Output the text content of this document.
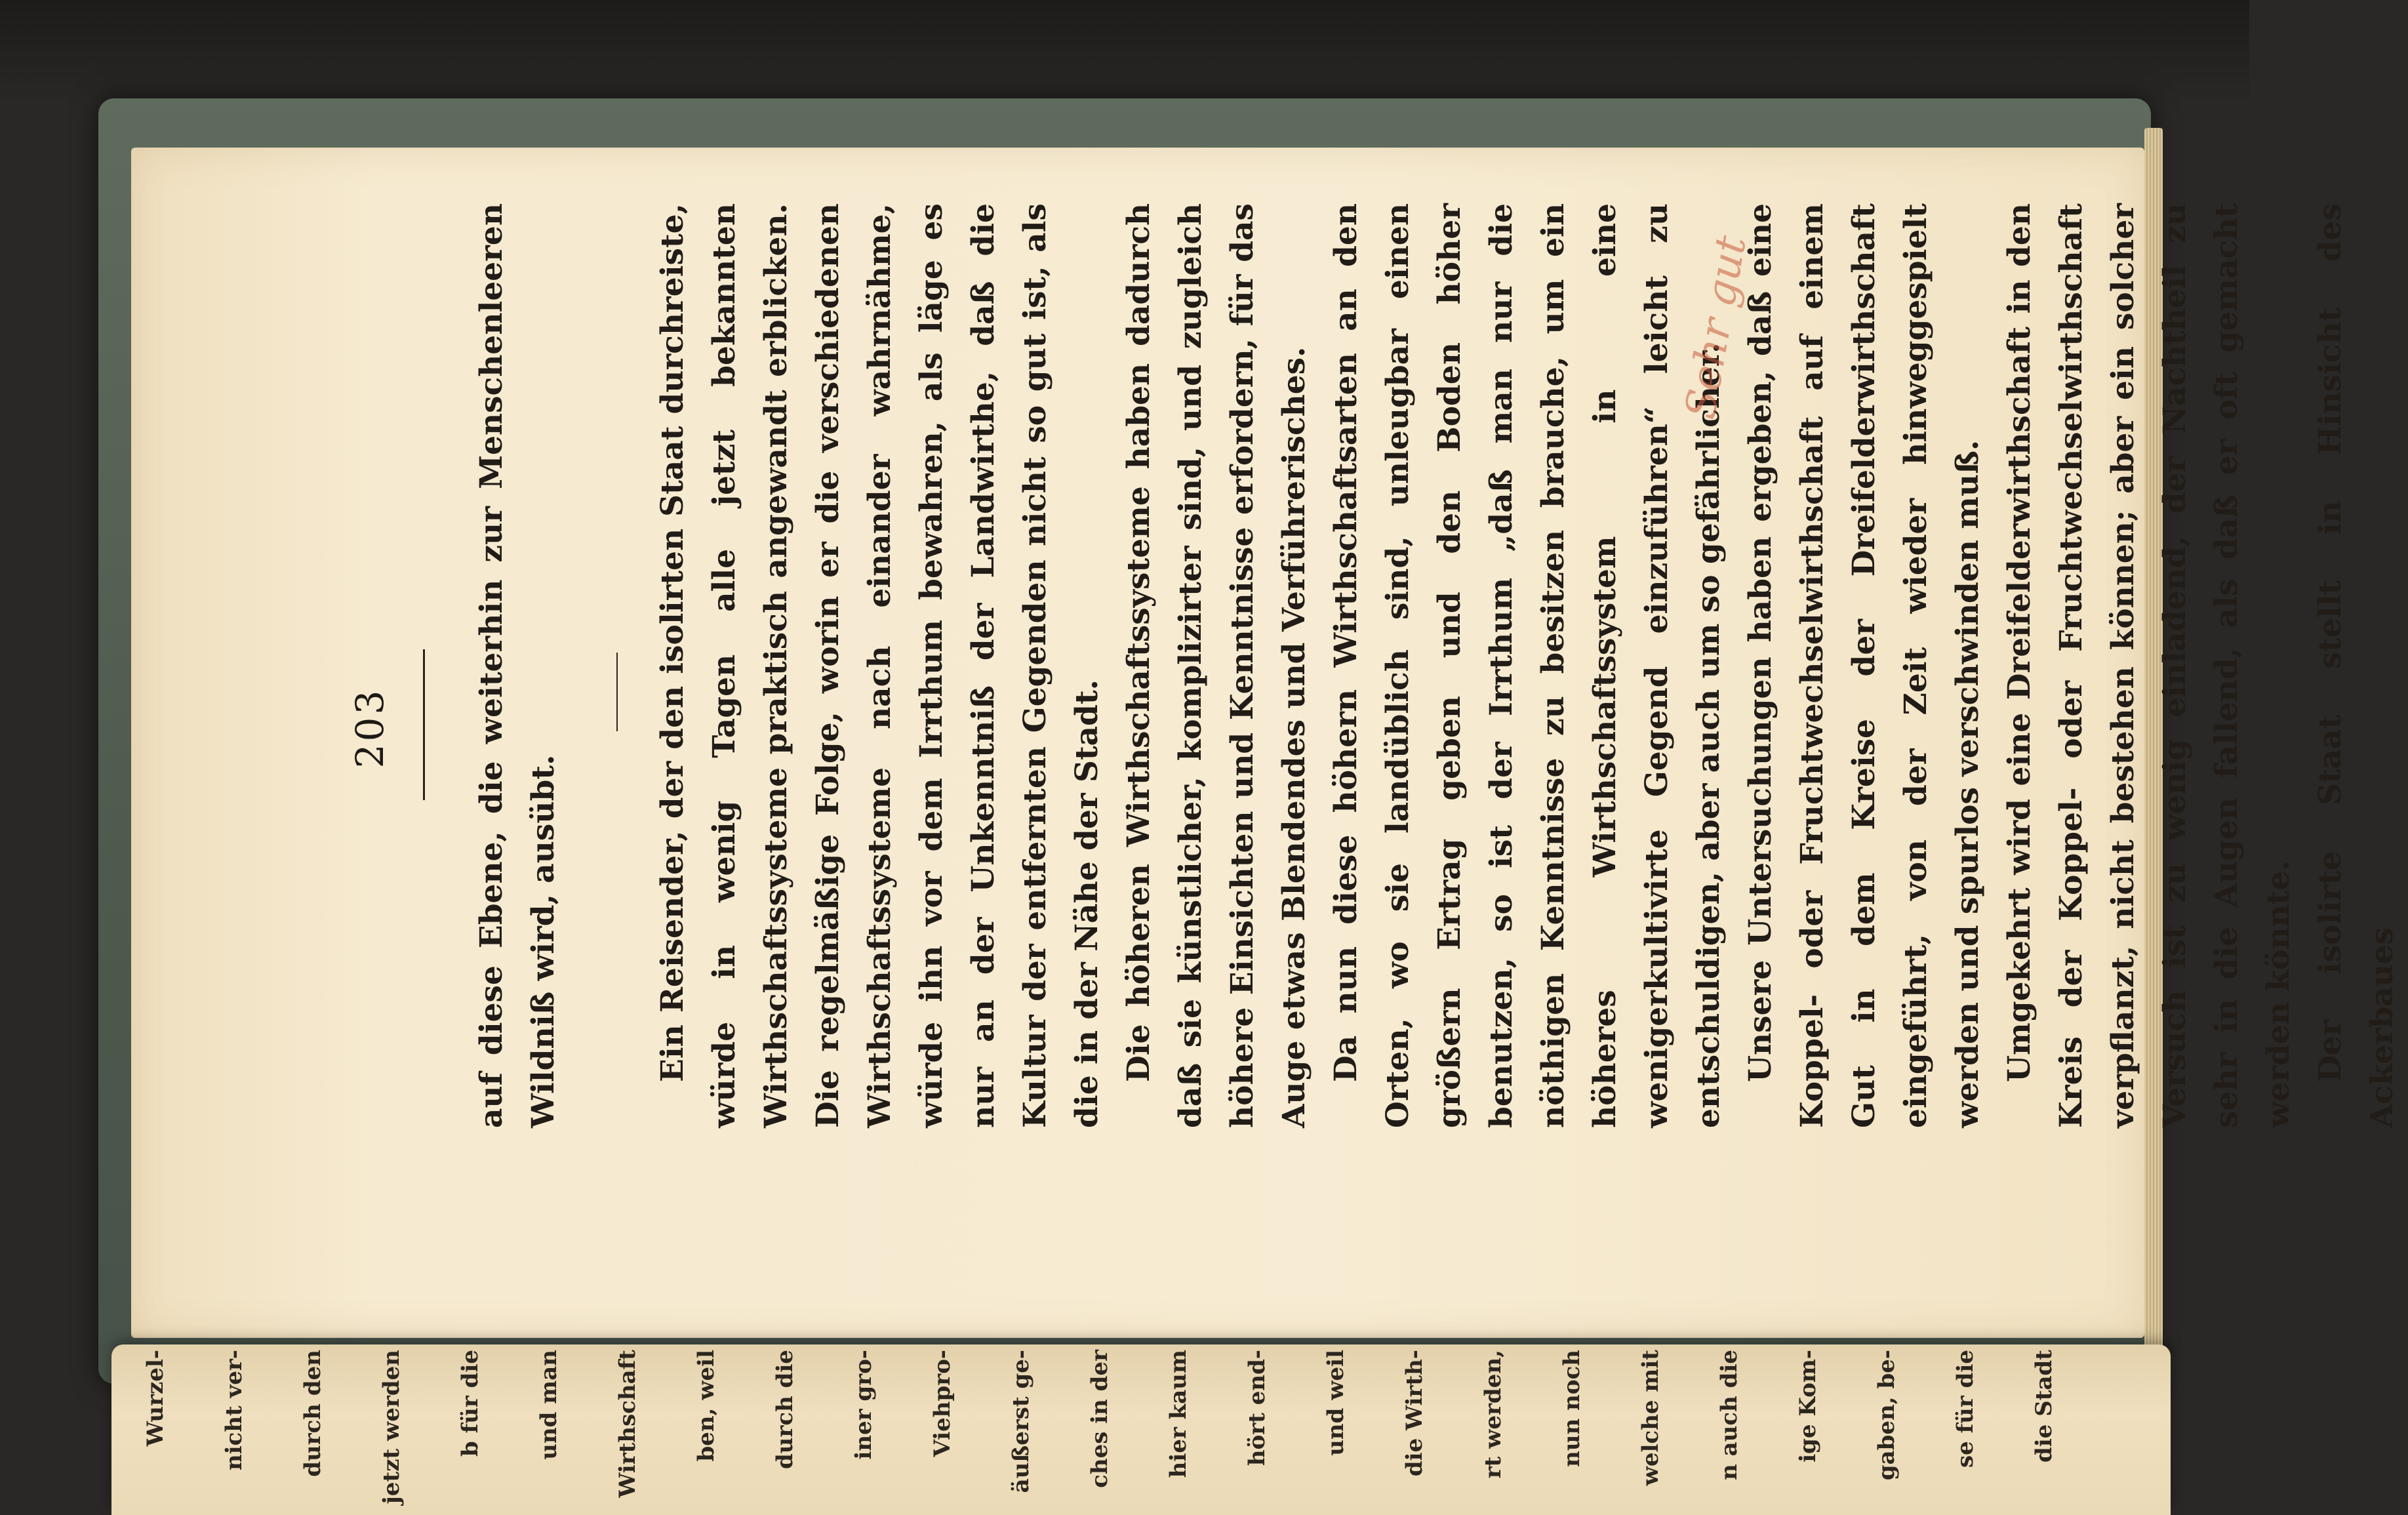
203	auf diese Ebene, die weiterhin zur Menschenleeren Wildniß wird, ausübt.	Ein Reisender, der den isolirten Staat durchreiste, würde in wenig Tagen alle jetzt bekannten Wirthschaftssysteme praktisch angewandt erblicken. Die regelmäßige Folge, worin er die verschiedenen Wirthschaftssysteme nach einander wahrnähme, würde ihn vor dem Irrthum bewahren, als läge es nur an der Unkenntniß der Landwirthe, daß die Kultur der entfernten Gegenden nicht so gut ist, als die in der Nähe der Stadt. Die höheren Wirthschaftssysteme haben dadurch daß sie künstlicher, komplizirter sind, und zugleich höhere Einsichten und Kenntnisse erfordern, für das Auge etwas Blendendes und Verführerisches. Da nun diese höhern Wirthschaftsarten an den Orten, wo sie landüblich sind, unleugbar einen größern Ertrag geben und den Boden höher benutzen, so ist der Irrthum „daß man nur die nöthigen Kenntnisse zu besitzen brauche, um ein höheres Wirthschaftssystem in eine wenigerkultivirte Gegend einzuführen“ leicht zu entschuldigen, aber auch um so gefährlicher. Unsere Untersuchungen haben ergeben, daß eine Koppel- oder Fruchtwechselwirthschaft auf einem Gut in dem Kreise der Dreifelderwirthschaft eingeführt, von der Zeit wieder hinweggespielt werden und spurlos verschwinden muß. Umgekehrt wird eine Dreifelderwirthschaft in den Kreis der Koppel- oder Fruchtwechselwirthschaft verpflanzt, nicht bestehen können; aber ein solcher Versuch ist zu wenig einladend, der Nachtheil zu sehr in die Augen fallend, als daß er oft gemacht werden könnte. Der isolirte Staat stellt in Hinsicht des Ackerbaues

Sehr gut
Wurzel- nicht ver- durch den jetzt werden b für die und man Wirthschaft ben, weil durch die iner gro- Viehpro- äußerst ge- ches in der hier kaum hört end- und weil die Wirth- rt werden, nun noch welche mit n auch die ige Kom- gaben, be- se für die die Stadt
